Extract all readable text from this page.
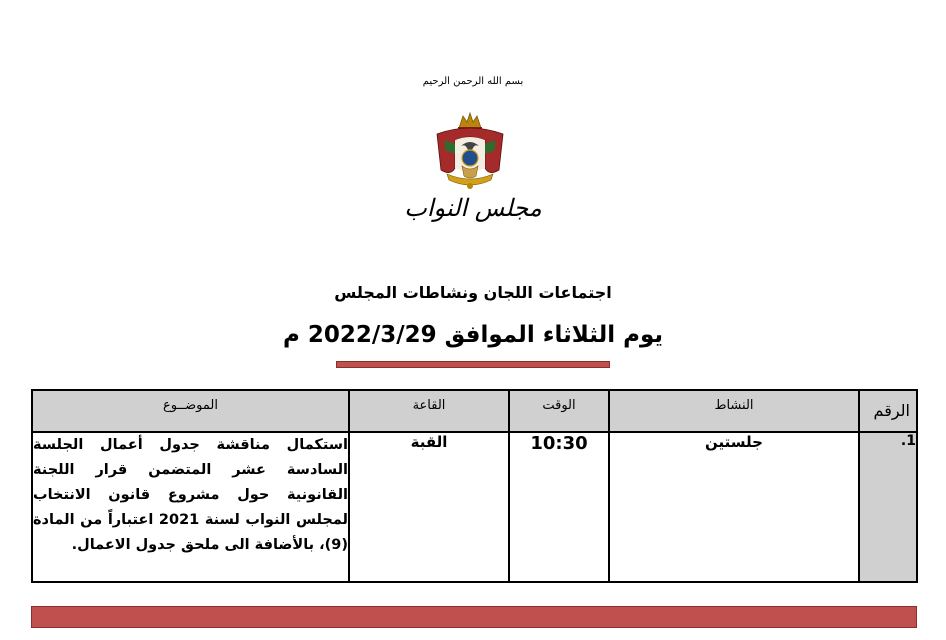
بسم الله الرحمن الرحيم
مجلس النواب
اجتماعات اللجان ونشاطات المجلس
يوم الثلاثاء الموافق 2022/3/29 م
الرقم	النشاط	الوقت	القاعة	الموضــوع
1.	جلستين	10:30	القبة	استكمال مناقشة جدول أعمال الجلسة السادسة عشر المتضمن قرار اللجنة القانونية حول مشروع قانون الانتخاب لمجلس النواب لسنة 2021 اعتباراً من المادة (9)، بالأضافة الى ملحق جدول الاعمال.
